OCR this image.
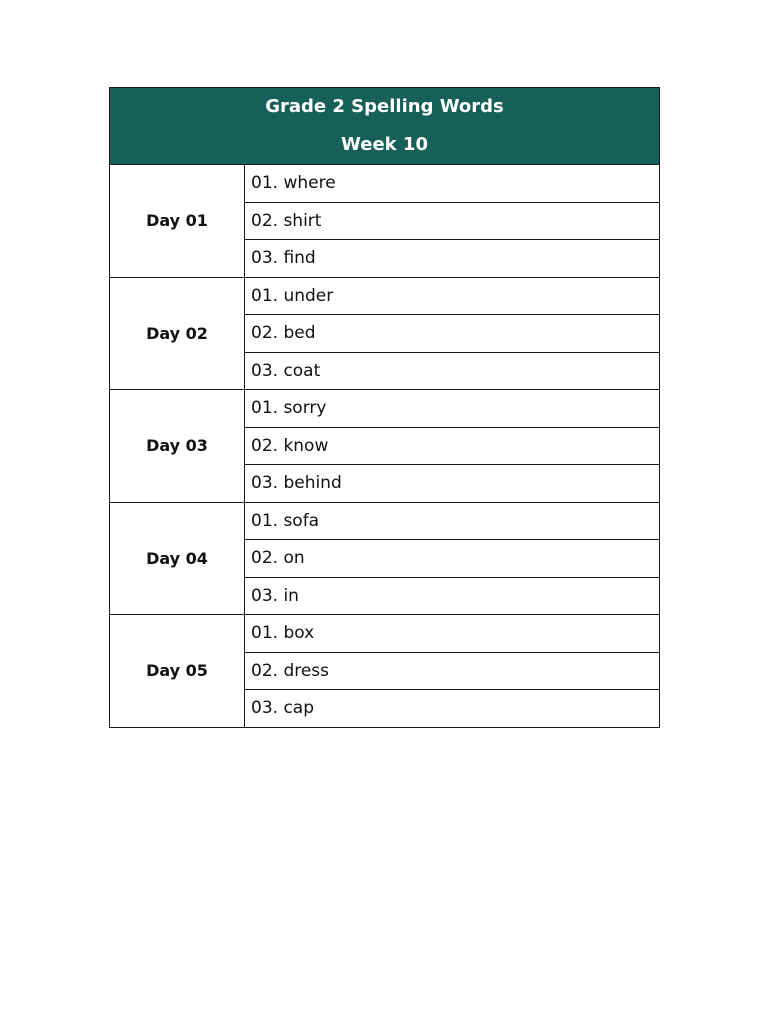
Grade 2 Spelling Words
Week 10	

Day 01	01. where
	02. shirt
	03. find
Day 02	01. under
	02. bed
	03. coat
Day 03	01. sorry
	02. know
	03. behind
Day 04	01. sofa
	02. on
	03. in
Day 05	01. box
	02. dress
	03. cap
